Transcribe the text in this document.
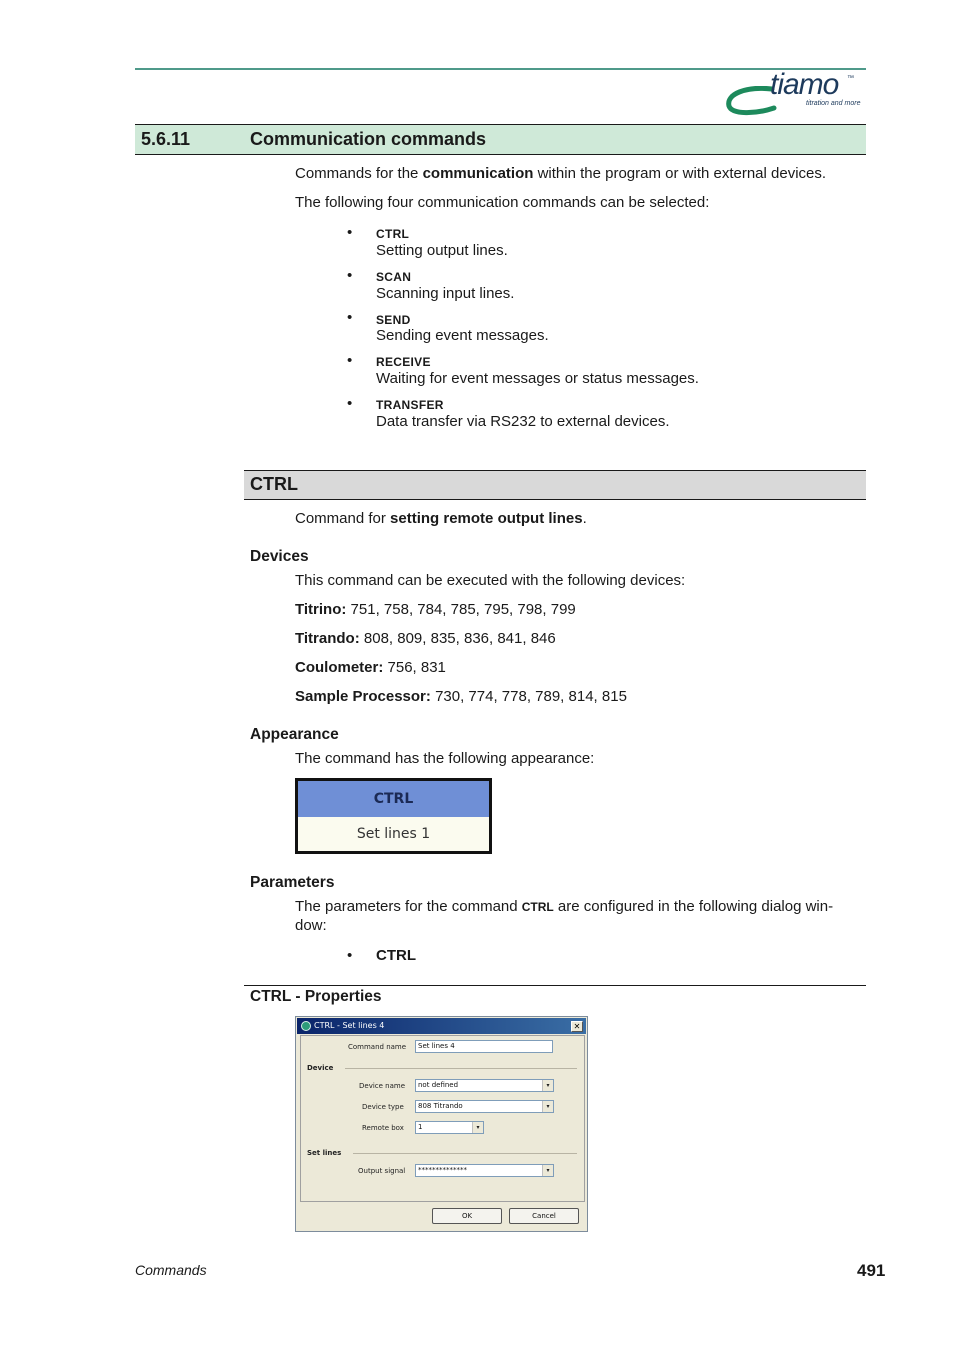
tiamo ™
titration and more
5.6.11	Communication commands
Commands for the communication within the program or with external devices.
The following four communication commands can be selected:
• CTRL
Setting output lines.
• SCAN
Scanning input lines.
• SEND
Sending event messages.
• RECEIVE
Waiting for event messages or status messages.
• TRANSFER
Data transfer via RS232 to external devices.
CTRL
Command for setting remote output lines.
Devices
This command can be executed with the following devices:
Titrino: 751, 758, 784, 785, 795, 798, 799
Titrando: 808, 809, 835, 836, 841, 846
Coulometer: 756, 831
Sample Processor: 730, 774, 778, 789, 814, 815
Appearance
The command has the following appearance:
CTRL
Set lines 1
Parameters
The parameters for the command CTRL are configured in the following dialog win-
dow:
• CTRL
CTRL - Properties
CTRL - Set lines 4	✕
Command name	Set lines 4
Device
Device name	not defined	▾
Device type	808 Titrando	▾
Remote box	1	▾
Set lines
Output signal	**************	▾
OK	Cancel
Commands	491
